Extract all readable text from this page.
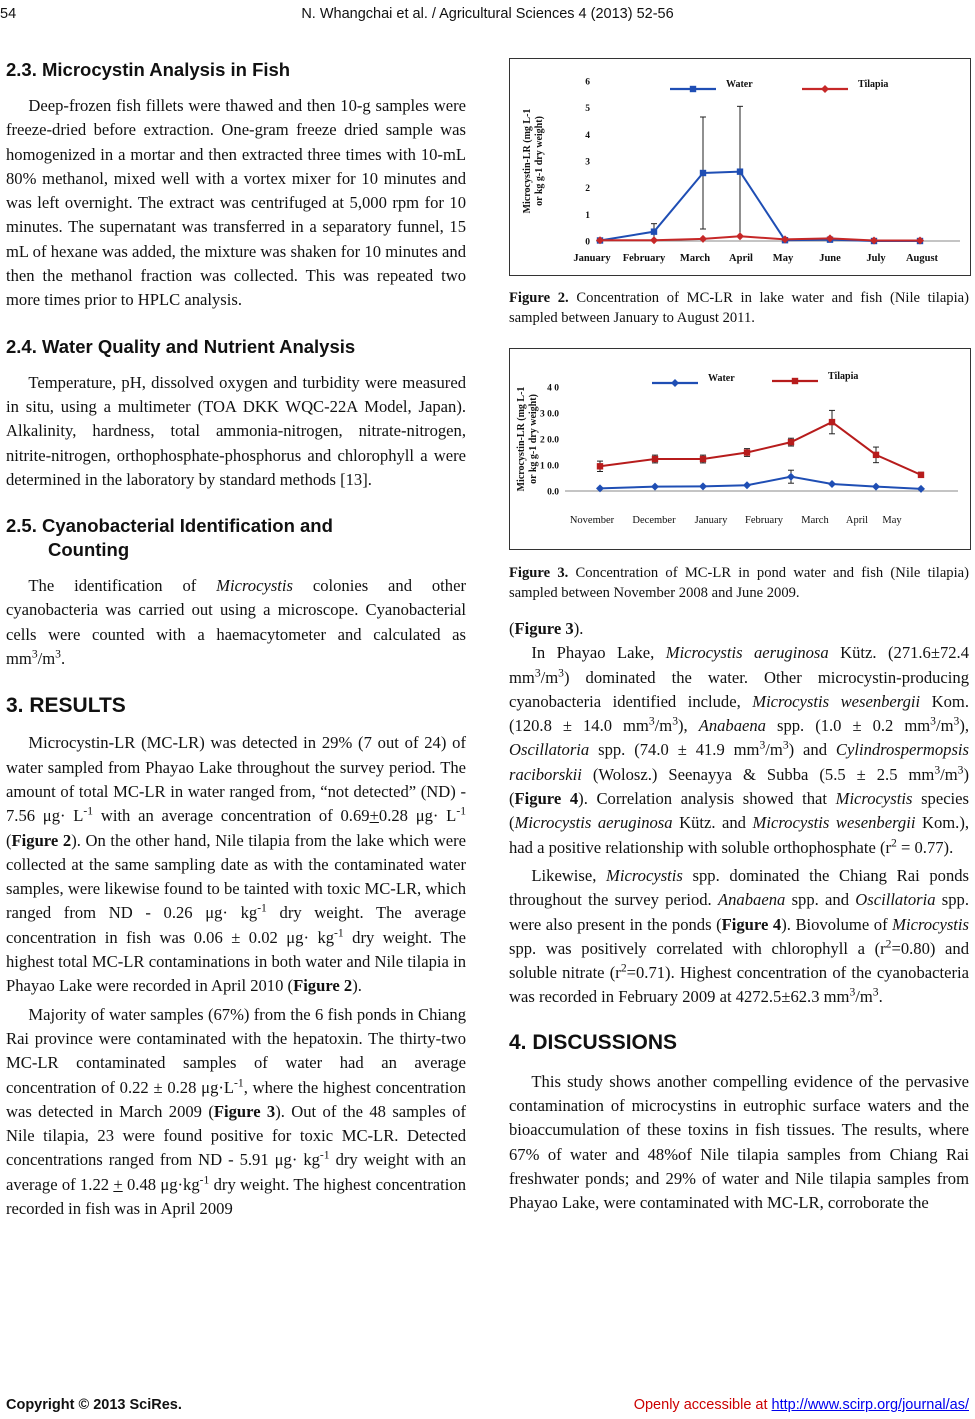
54	N. Whangchai et al. / Agricultural Sciences 4 (2013) 52-56
2.3. Microcystin Analysis in Fish

Deep-frozen fish fillets were thawed and then 10-g samples were freeze-dried before extraction. One-gram freeze dried sample was homogenized in a mortar and then extracted three times with 10-mL 80% methanol, mixed well with a vortex mixer for 10 minutes and was left overnight. The extract was centrifuged at 5,000 rpm for 10 minutes. The supernatant was transferred in a separatory funnel, 15 mL of hexane was added, the mixture was shaken for 10 minutes and then the methanol fraction was collected. This was repeated two more times prior to HPLC analysis.

2.4. Water Quality and Nutrient Analysis

Temperature, pH, dissolved oxygen and turbidity were measured in situ, using a multimeter (TOA DKK WQC-22A Model, Japan). Alkalinity, hardness, total ammonia-nitrogen, nitrate-nitrogen, nitrite-nitrogen, orthophosphate-phosphorus and chlorophyll a were determined in the laboratory by standard methods [13].

2.5. Cyanobacterial Identification and
Counting

The identification of Microcystis colonies and other cyanobacteria was carried out using a microscope. Cyanobacterial cells were counted with a haemacytometer and calculated as $mm^3/m^3$.

3. RESULTS

Microcystin-LR (MC-LR) was detected in 29% (7 out of 24) of water sampled from Phayao Lake throughout the survey period. The amount of total MC-LR in water ranged from, “not detected” (ND) - 7.56 $\mu g\cdot L^{-1}$ with an average concentration of 0.69+0.28 $\mu g\cdot L^{-1}$ (Figure 2). On the other hand, Nile tilapia from the lake which were collected at the same sampling date as with the contaminated water samples, were likewise found to be tainted with toxic MC-LR, which ranged from ND - 0.26 $\mu g\cdot kg^{-1}$ dry weight. The average concentration in fish was 0.06 ± 0.02 $\mu g\cdot kg^{-1}$ dry weight. The highest total MC-LR contaminations in both water and Nile tilapia in Phayao Lake were recorded in April 2010 (Figure 2).

Majority of water samples (67%) from the 6 fish ponds in Chiang Rai province were contaminated with the hepatoxin. The thirty-two MC-LR contaminated samples of water had an average concentration of 0.22 ± 0.28 $\mu g\cdot L^{-1}$, where the highest concentration was detected in March 2009 (Figure 3). Out of the 48 samples of Nile tilapia, 23 were found positive for toxic MC-LR. Detected concentrations ranged from ND - 5.91 $\mu g\cdot kg^{-1}$ dry weight with an average of 1.22 + 0.48 $\mu g\cdot kg^{-1}$ dry weight. The highest concentration recorded in fish was in April 2009

Microcystin-LR (mg L-1 or kg g-1 dry weight)
0
1
2
3
4
5
6
January February March April May June July August
Water	Tilapia

Figure 2. Concentration of MC-LR in lake water and fish (Nile tilapia) sampled between January to August 2011.

Microcystin-LR (mg L-1 or kg g-1 dry weight)
0.0
1 0.0
2 0.0
3 0.0
4 0
November December January February March April May
Water	Tilapia

Figure 3. Concentration of MC-LR in pond water and fish (Nile tilapia) sampled between November 2008 and June 2009.

(Figure 3).

In Phayao Lake, Microcystis aeruginosa Kütz. (271.6±72.4 $mm^3/m^3$) dominated the water. Other microcystin-producing cyanobacteria identified include, Microcystis wesenbergii Kom. (120.8 ± 14.0 $mm^3/m^3$), Anabaena spp. (1.0 ± 0.2 $mm^3/m^3$), Oscillatoria spp. (74.0 ± 41.9 $mm^3/m^3$) and Cylindrospermopsis raciborskii (Wolosz.) Seenayya & Subba (5.5 ± 2.5 $mm^3/m^3$) (Figure 4). Correlation analysis showed that Microcystis species (Microcystis aeruginosa Kütz. and Microcystis wesenbergii Kom.), had a positive relationship with soluble orthophosphate $(r^2 = 0.77)$.

Likewise, Microcystis spp. dominated the Chiang Rai ponds throughout the survey period. Anabaena spp. and Oscillatoria spp. were also present in the ponds (Figure 4). Biovolume of Microcystis spp. was positively correlated with chlorophyll a $(r^2=0.80)$ and soluble nitrate $(r^2=0.71)$. Highest concentration of the cyanobacteria was recorded in February 2009 at 4272.5±62.3 $mm^3/m^3$.

4. DISCUSSIONS

This study shows another compelling evidence of the pervasive contamination of microcystins in eutrophic surface waters and the bioaccumulation of these toxins in fish tissues. The results, where 67% of water and 48%of Nile tilapia samples from Chiang Rai freshwater ponds; and 29% of water and Nile tilapia samples from Phayao Lake, were contaminated with MC-LR, corroborate the

Copyright © 2013 SciRes.	Openly accessible at http://www.scirp.org/journal/as/
